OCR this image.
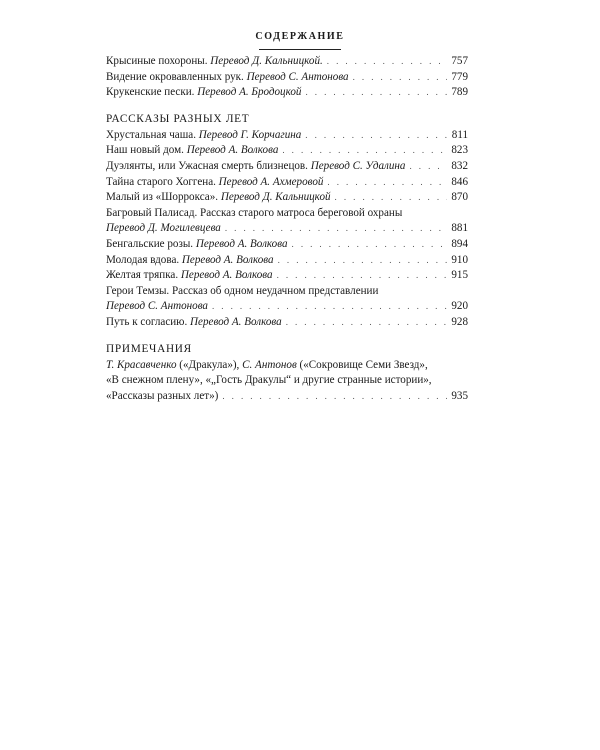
СОДЕРЖАНИЕ
Крысиные похороны. Перевод Д. Кальницкой. . . .	757
Видение окровавленных рук. Перевод С. Антонова . . .	779
Крукенские пески. Перевод А. Бродоцкой . . .	789
РАССКАЗЫ РАЗНЫХ ЛЕТ
Хрустальная чаша. Перевод Г. Корчагина . . .	811
Наш новый дом. Перевод А. Волкова . . .	823
Дуэлянты, или Ужасная смерть близнецов. Перевод С. Удалина . . .	832
Тайна старого Хоггена. Перевод А. Ахмеровой . . .	846
Малый из «Шоррокса». Перевод Д. Кальницкой . . .	870
Багровый Палисад. Рассказ старого матроса береговой охраны
Перевод Д. Могилевцева . . .	881
Бенгальские розы. Перевод А. Волкова . . .	894
Молодая вдова. Перевод А. Волкова . . .	910
Желтая тряпка. Перевод А. Волкова . . .	915
Герои Темзы. Рассказ об одном неудачном представлении
Перевод С. Антонова . . .	920
Путь к согласию. Перевод А. Волкова . . .	928
ПРИМЕЧАНИЯ
Т. Красавченко («Дракула»), С. Антонов («Сокровище Семи Звезд»,
«В снежном плену», «„Гость Дракулы“ и другие странные истории»,
«Рассказы разных лет») . . .	935
